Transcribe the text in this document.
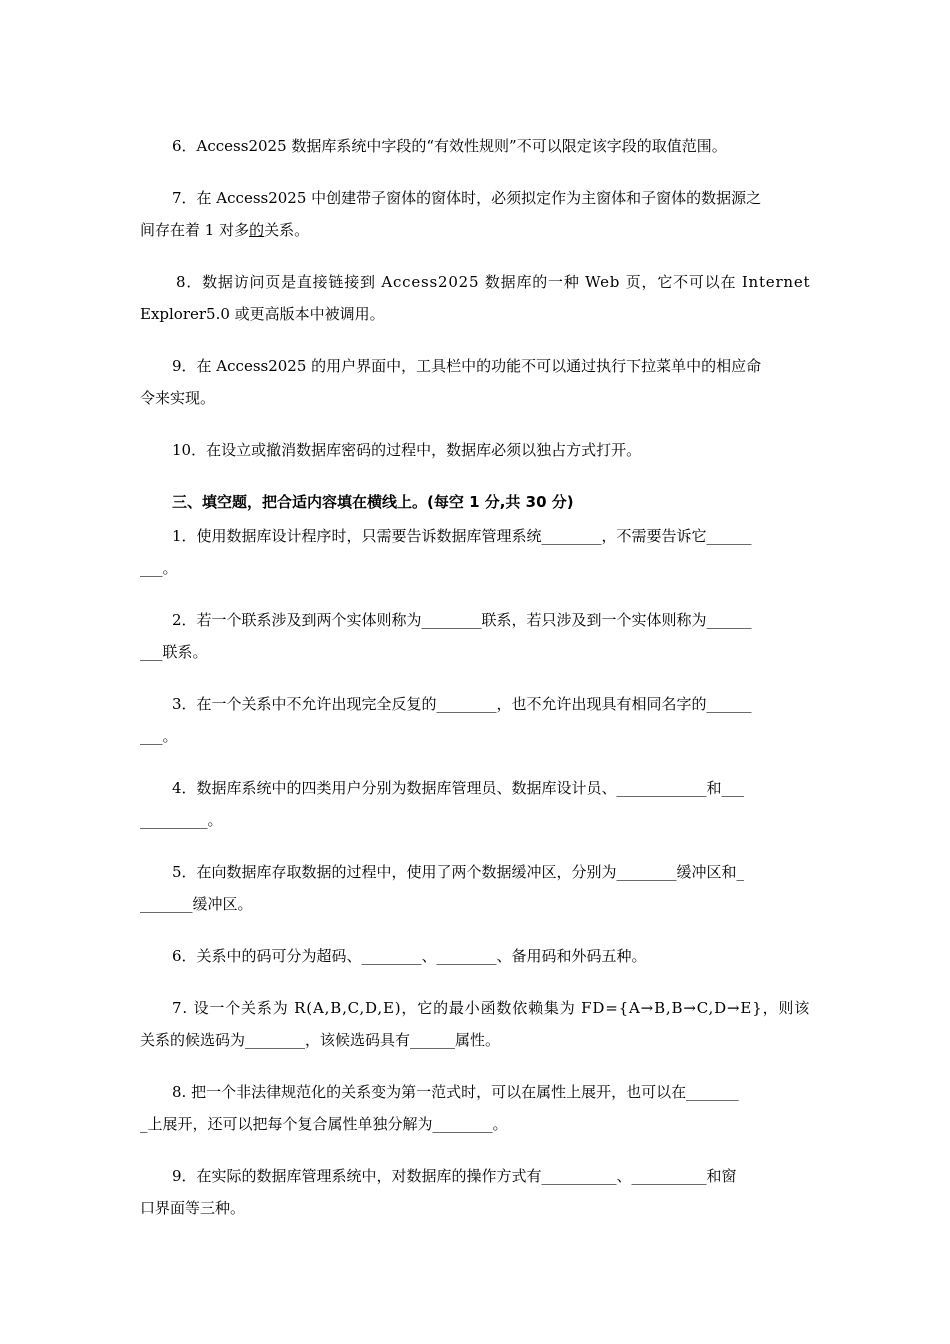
6．Access2025 数据库系统中字段的“有效性规则”不可以限定该字段的取值范围。
7．在 Access2025 中创建带子窗体的窗体时，必须拟定作为主窗体和子窗体的数据源之
间存在着 1 对多的关系。
8．数据访问页是直接链接到 Access2025 数据库的一种 Web 页，它不可以在 Internet
Explorer5.0 或更高版本中被调用。
9．在 Access2025 的用户界面中，工具栏中的功能不可以通过执行下拉菜单中的相应命
令来实现。
10．在设立或撤消数据库密码的过程中，数据库必须以独占方式打开。
三、填空题，把合适内容填在横线上。(每空 1 分,共 30 分)
1．使用数据库设计程序时，只需要告诉数据库管理系统________，不需要告诉它______
___。
2．若一个联系涉及到两个实体则称为________联系，若只涉及到一个实体则称为______
___联系。
3．在一个关系中不允许出现完全反复的________，也不允许出现具有相同名字的______
___。
4．数据库系统中的四类用户分别为数据库管理员、数据库设计员、____________和___
_________。
5．在向数据库存取数据的过程中，使用了两个数据缓冲区，分别为________缓冲区和_
_______缓冲区。
6．关系中的码可分为超码、________、________、备用码和外码五种。
7. 设一个关系为 R(A,B,C,D,E)，它的最小函数依赖集为 FD={A→B,B→C,D→E}，则该
关系的候选码为________，该候选码具有______属性。
8. 把一个非法律规范化的关系变为第一范式时，可以在属性上展开，也可以在_______
_上展开，还可以把每个复合属性单独分解为________。
9．在实际的数据库管理系统中，对数据库的操作方式有__________、__________和窗
口界面等三种。
